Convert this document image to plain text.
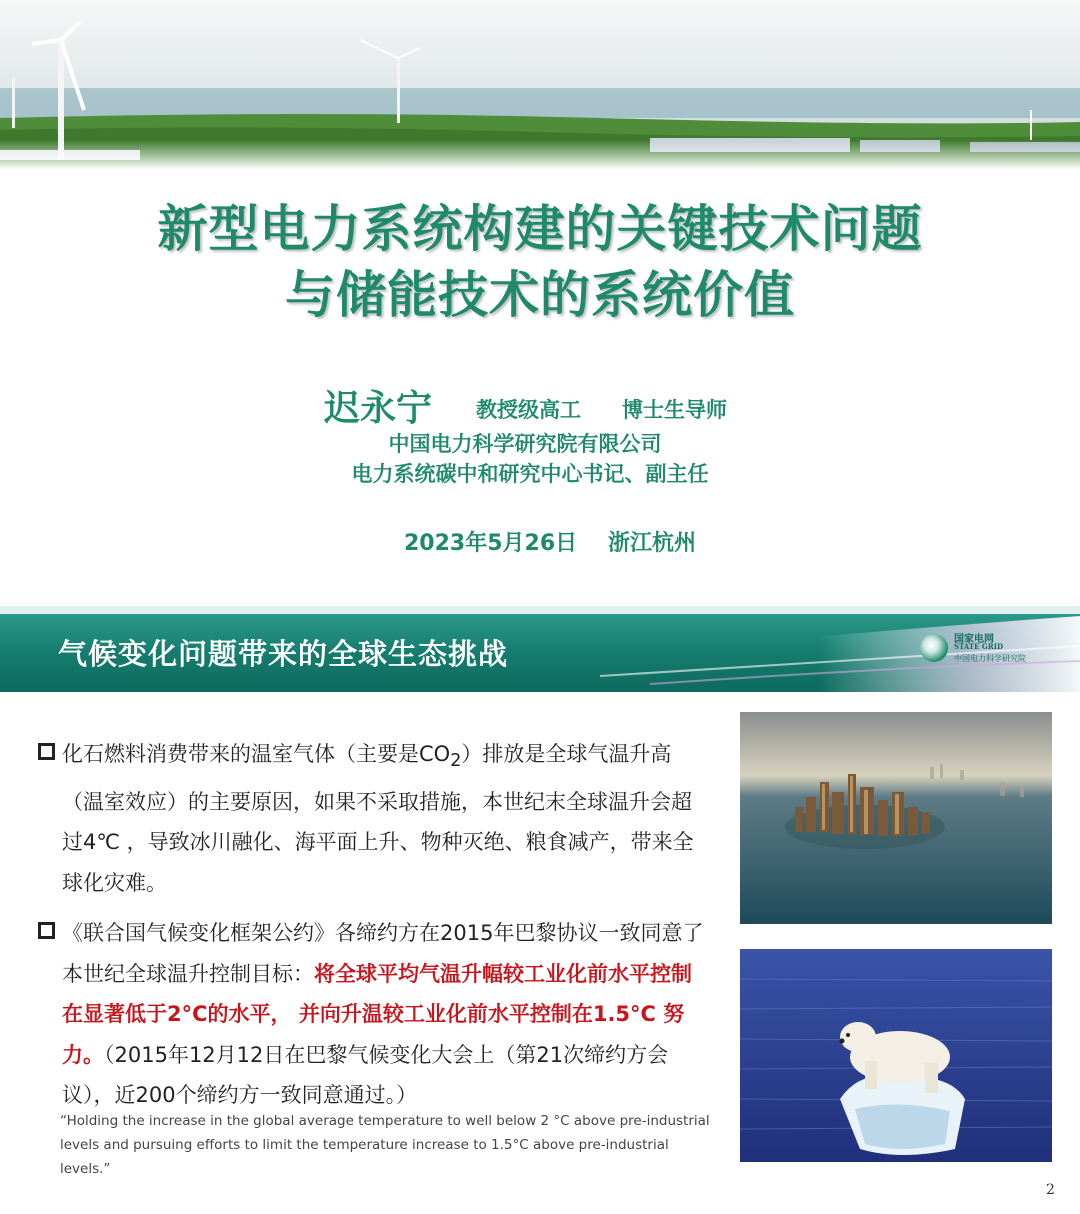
新型电力系统构建的关键技术问题
与储能技术的系统价值
迟永宁 教授级高工 博士生导师
中国电力科学研究院有限公司
电力系统碳中和研究中心书记、副主任
2023年5月26日 浙江杭州
气候变化问题带来的全球生态挑战	国家电网
STATE GRID
中国电力科学研究院
化石燃料消费带来的温室气体（主要是$CO_2$）排放是全球气温升高（温室效应）的主要原因，如果不采取措施，本世纪末全球温升会超过4℃ ，导致冰川融化、海平面上升、物种灭绝、粮食减产，带来全球化灾难。
《联合国气候变化框架公约》各缔约方在2015年巴黎协议一致同意了本世纪全球温升控制目标：将全球平均气温升幅较工业化前水平控制在显著低于2°C的水平， 并向升温较工业化前水平控制在1.5°C 努力。（2015年12月12日在巴黎气候变化大会上（第21次缔约方会议），近200个缔约方一致同意通过。）
“Holding the increase in the global average temperature to well below 2 °C above pre-industrial levels and pursuing efforts to limit the temperature increase to 1.5°C above pre-industrial levels.”
2
